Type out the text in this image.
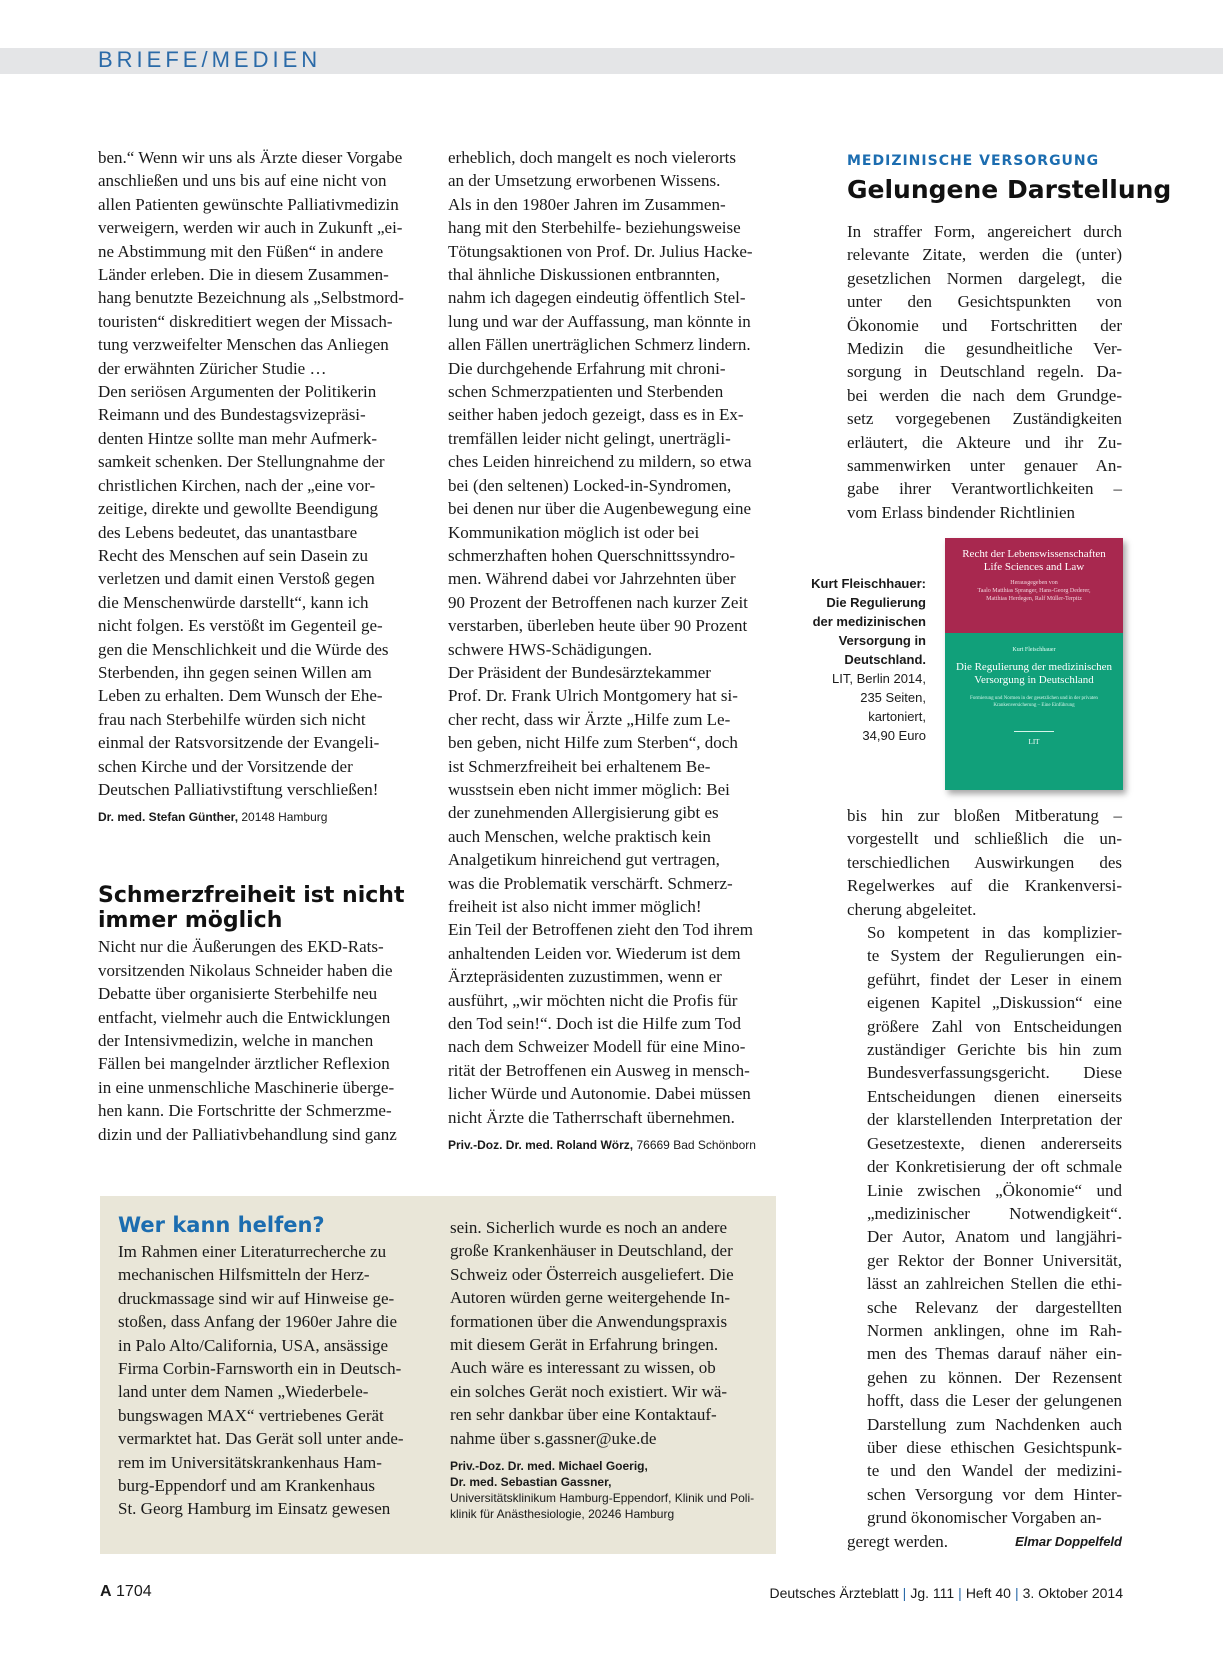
BRIEFE/MEDIEN
ben.“ Wenn wir uns als Ärzte dieser Vorgabe
anschließen und uns bis auf eine nicht von
allen Patienten gewünschte Palliativmedizin
verweigern, werden wir auch in Zukunft „ei-
ne Abstimmung mit den Füßen“ in andere
Länder erleben. Die in diesem Zusammen-
hang benutzte Bezeichnung als „Selbstmord-
touristen“ diskreditiert wegen der Missach-
tung verzweifelter Menschen das Anliegen
der erwähnten Züricher Studie …
Den seriösen Argumenten der Politikerin
Reimann und des Bundestagsvizepräsi-
denten Hintze sollte man mehr Aufmerk-
samkeit schenken. Der Stellungnahme der
christlichen Kirchen, nach der „eine vor-
zeitige, direkte und gewollte Beendigung
des Lebens bedeutet, das unantastbare
Recht des Menschen auf sein Dasein zu
verletzen und damit einen Verstoß gegen
die Menschenwürde darstellt“, kann ich
nicht folgen. Es verstößt im Gegenteil ge-
gen die Menschlichkeit und die Würde des
Sterbenden, ihn gegen seinen Willen am
Leben zu erhalten. Dem Wunsch der Ehe-
frau nach Sterbehilfe würden sich nicht
einmal der Ratsvorsitzende der Evangeli-
schen Kirche und der Vorsitzende der
Deutschen Palliativstiftung verschließen!
Dr. med. Stefan Günther, 20148 Hamburg
Schmerzfreiheit ist nicht
immer möglich
Nicht nur die Äußerungen des EKD-Rats-
vorsitzenden Nikolaus Schneider haben die
Debatte über organisierte Sterbehilfe neu
entfacht, vielmehr auch die Entwicklungen
der Intensivmedizin, welche in manchen
Fällen bei mangelnder ärztlicher Reflexion
in eine unmenschliche Maschinerie übergе-
hen kann. Die Fortschritte der Schmerzme-
dizin und der Palliativbehandlung sind ganz
erheblich, doch mangelt es noch vielerorts
an der Umsetzung erworbenen Wissens.
Als in den 1980er Jahren im Zusammen-
hang mit den Sterbehilfe- beziehungsweise
Tötungsaktionen von Prof. Dr. Julius Hacke-
thal ähnliche Diskussionen entbrannten,
nahm ich dagegen eindeutig öffentlich Stel-
lung und war der Auffassung, man könnte in
allen Fällen unerträglichen Schmerz lindern.
Die durchgehende Erfahrung mit chroni-
schen Schmerzpatienten und Sterbenden
seither haben jedoch gezeigt, dass es in Ex-
tremfällen leider nicht gelingt, unerträgli-
ches Leiden hinreichend zu mildern, so etwa
bei (den seltenen) Locked-in-Syndromen,
bei denen nur über die Augenbewegung eine
Kommunikation möglich ist oder bei
schmerzhaften hohen Querschnittssyndro-
men. Während dabei vor Jahrzehnten über
90 Prozent der Betroffenen nach kurzer Zeit
verstarben, überleben heute über 90 Prozent
schwere HWS-Schädigungen.
Der Präsident der Bundesärztekammer
Prof. Dr. Frank Ulrich Montgomery hat si-
cher recht, dass wir Ärzte „Hilfe zum Le-
ben geben, nicht Hilfe zum Sterben“, doch
ist Schmerzfreiheit bei erhaltenem Be-
wusstsein eben nicht immer möglich: Bei
der zunehmenden Allergisierung gibt es
auch Menschen, welche praktisch kein
Analgetikum hinreichend gut vertragen,
was die Problematik verschärft. Schmerz-
freiheit ist also nicht immer möglich!
Ein Teil der Betroffenen zieht den Tod ihrem
anhaltenden Leiden vor. Wiederum ist dem
Ärztepräsidenten zuzustimmen, wenn er
ausführt, „wir möchten nicht die Profis für
den Tod sein!“. Doch ist die Hilfe zum Tod
nach dem Schweizer Modell für eine Mino-
rität der Betroffenen ein Ausweg in mensch-
licher Würde und Autonomie. Dabei müssen
nicht Ärzte die Tatherrschaft übernehmen.
Priv.-Doz. Dr. med. Roland Wörz, 76669 Bad Schönborn
MEDIZINISCHE VERSORGUNG
Gelungene Darstellung
In straffer Form, angereichert durch
relevante Zitate, werden die (unter)
gesetzlichen Normen dargelegt, die
unter den Gesichtspunkten von
Ökonomie und Fortschritten der
Medizin die gesundheitliche Ver-
sorgung in Deutschland regeln. Da-
bei werden die nach dem Grundge-
setz vorgegebenen Zuständigkeiten
erläutert, die Akteure und ihr Zu-
sammenwirken unter genauer An-
gabe ihrer Verantwortlichkeiten –
vom Erlass bindender Richtlinien
Kurt Fleischhauer:
Die Regulierung
der medizinischen
Versorgung in
Deutschland.
LIT, Berlin 2014,
235 Seiten,
kartoniert,
34,90 Euro
Recht der Lebenswissenschaften
Life Sciences and Law
Herausgegeben von
Taalo Matthias Spranger, Hans-Georg Dederer,
Matthias Herdegen, Ralf Müller-Terpitz
Kurt Fleischhauer
Die Regulierung der medizinischen Versorgung in Deutschland
Formierung und Normen in der gesetzlichen und in der privaten Krankenversicherung – Eine Einführung
LIT
bis hin zur bloßen Mitberatung –
vorgestellt und schließlich die un-
terschiedlichen Auswirkungen des
Regelwerkes auf die Krankenversi-
cherung abgeleitet.
So kompetent in das komplizier-
te System der Regulierungen ein-
geführt, findet der Leser in einem
eigenen Kapitel „Diskussion“ eine
größere Zahl von Entscheidungen
zuständiger Gerichte bis hin zum
Bundesverfassungsgericht. Diese
Entscheidungen dienen einerseits
der klarstellenden Interpretation der
Gesetzestexte, dienen andererseits
der Konkretisierung der oft schmale
Linie zwischen „Ökonomie“ und
„medizinischer Notwendigkeit“.
Der Autor, Anatom und langjähri-
ger Rektor der Bonner Universität,
lässt an zahlreichen Stellen die ethi-
sche Relevanz der dargestellten
Normen anklingen, ohne im Rah-
men des Themas darauf näher ein-
gehen zu können. Der Rezensent
hofft, dass die Leser der gelungenen
Darstellung zum Nachdenken auch
über diese ethischen Gesichtspunk-
te und den Wandel der medizini-
schen Versorgung vor dem Hinter-
grund ökonomischer Vorgaben an-
geregt werden.	Elmar Doppelfeld
Wer kann helfen?
Im Rahmen einer Literaturrecherche zu
mechanischen Hilfsmitteln der Herz-
druckmassage sind wir auf Hinweise ge-
stoßen, dass Anfang der 1960er Jahre die
in Palo Alto/California, USA, ansässige
Firma Corbin-Farnsworth ein in Deutsch-
land unter dem Namen „Wiederbele-
bungswagen MAX“ vertriebenes Gerät
vermarktet hat. Das Gerät soll unter ande-
rem im Universitätskrankenhaus Ham-
burg-Eppendorf und am Krankenhaus
St. Georg Hamburg im Einsatz gewesen
sein. Sicherlich wurde es noch an andere
große Krankenhäuser in Deutschland, der
Schweiz oder Österreich ausgeliefert. Die
Autoren würden gerne weitergehende In-
formationen über die Anwendungspraxis
mit diesem Gerät in Erfahrung bringen.
Auch wäre es interessant zu wissen, ob
ein solches Gerät noch existiert. Wir wä-
ren sehr dankbar über eine Kontaktauf-
nahme über s.gassner@uke.de
Priv.-Doz. Dr. med. Michael Goerig,
Dr. med. Sebastian Gassner,
Universitätsklinikum Hamburg-Eppendorf, Klinik und Poli-
klinik für Anästhesiologie, 20246 Hamburg
A 1704	Deutsches Ärzteblatt | Jg. 111 | Heft 40 | 3. Oktober 2014
